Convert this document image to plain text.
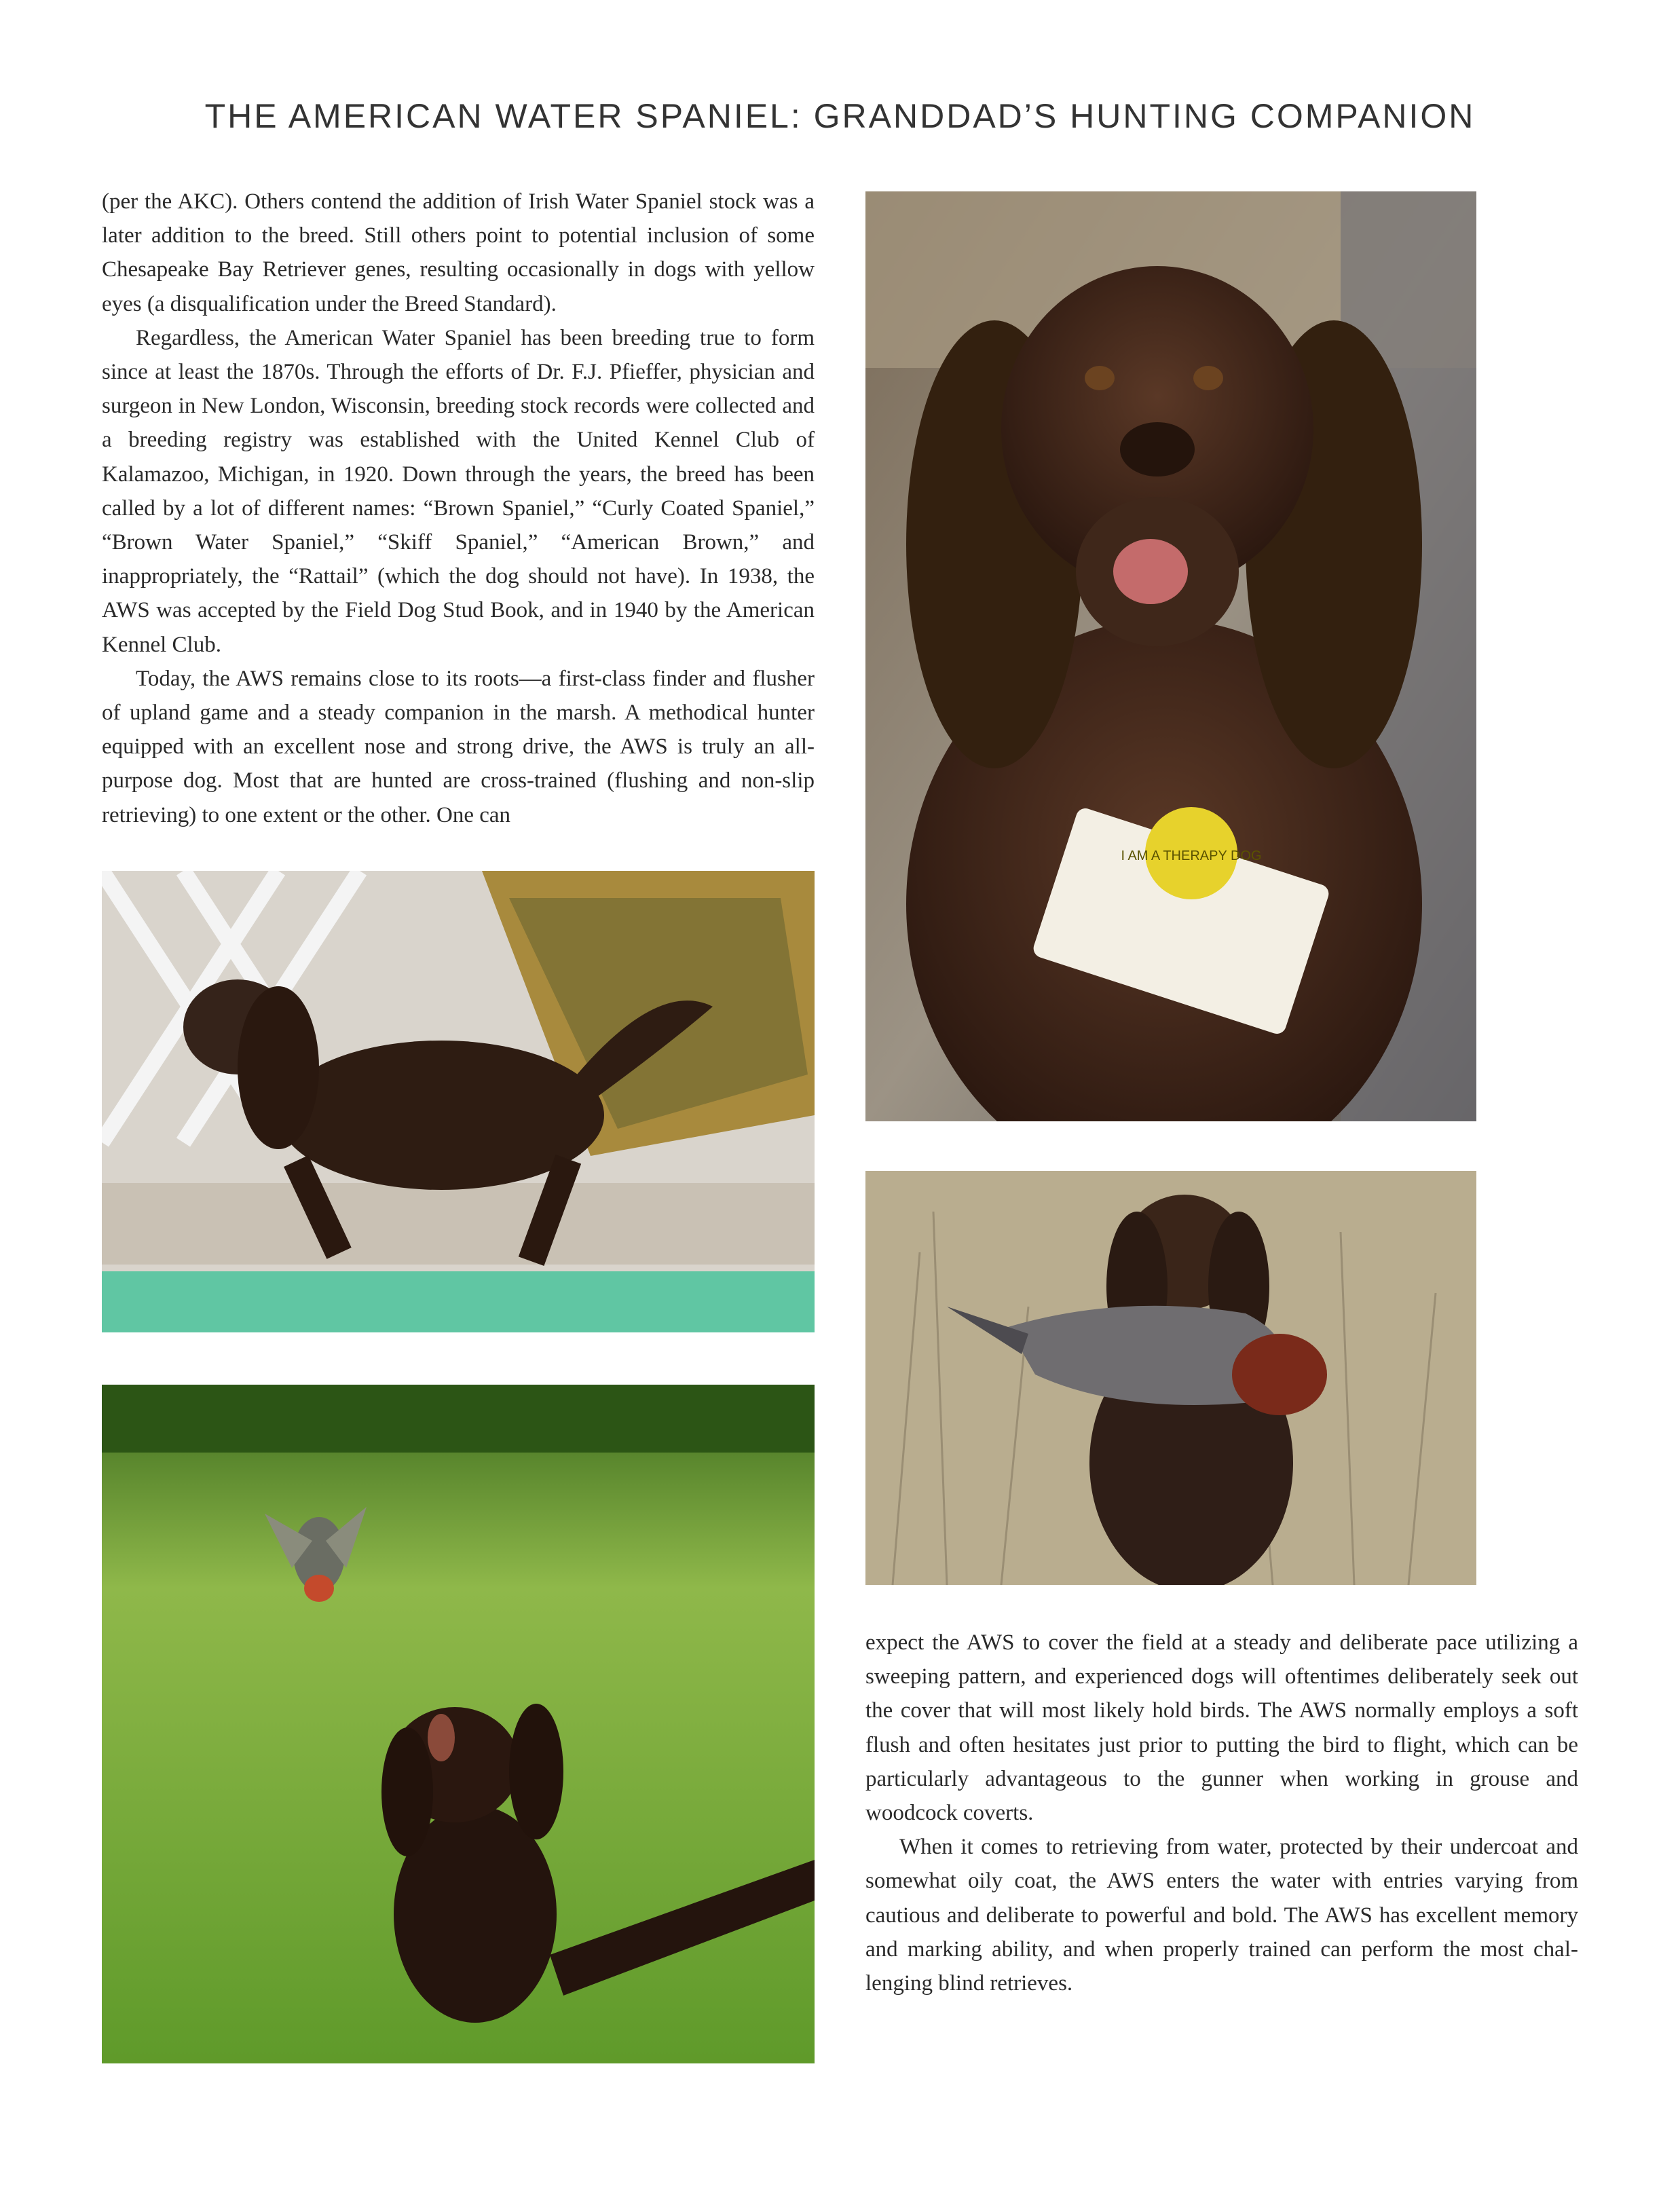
THE AMERICAN WATER SPANIEL: GRANDDAD’S HUNTING COMPANION

(per the AKC). Others contend the addition of Irish Water Spaniel stock was a later addition to the breed. Still others point to potential inclusion of some Chesapeake Bay Retriever genes, resulting occasionally in dogs with yellow eyes (a disqualification under the Breed Standard).

Regardless, the American Water Spaniel has been breeding true to form since at least the 1870s. Through the efforts of Dr. F.J. Pfieffer, physician and surgeon in New London, Wisconsin, breeding stock records were collected and a breeding registry was established with the United Kennel Club of Kalamazoo, Michigan, in 1920. Down through the years, the breed has been called by a lot of different names: “Brown Spaniel,” “Curly Coated Spaniel,” “Brown Water Spaniel,” “Skiff Spaniel,” “American Brown,” and inappropriately, the “Rattail” (which the dog should not have). In 1938, the AWS was accepted by the Field Dog Stud Book, and in 1940 by the American Kennel Club.

Today, the AWS remains close to its roots—a first-class finder and flusher of upland game and a steady companion in the marsh. A methodical hunter equipped with an excellent nose and strong drive, the AWS is truly an all-purpose dog. Most that are hunted are cross-trained (flushing and non-slip retrieving) to one extent or the other. One can

I AM A THERAPY DOG

expect the AWS to cover the field at a steady and deliberate pace utilizing a sweeping pattern, and experienced dogs will oftentimes deliberately seek out the cover that will most likely hold birds. The AWS normally employs a soft flush and often hesitates just prior to putting the bird to flight, which can be particularly advantageous to the gunner when working in grouse and woodcock coverts.

When it comes to retrieving from water, protected by their undercoat and somewhat oily coat, the AWS enters the water with entries varying from cautious and deliberate to powerful and bold. The AWS has excellent memory and marking ability, and when properly trained can perform the most challenging blind retrieves.
